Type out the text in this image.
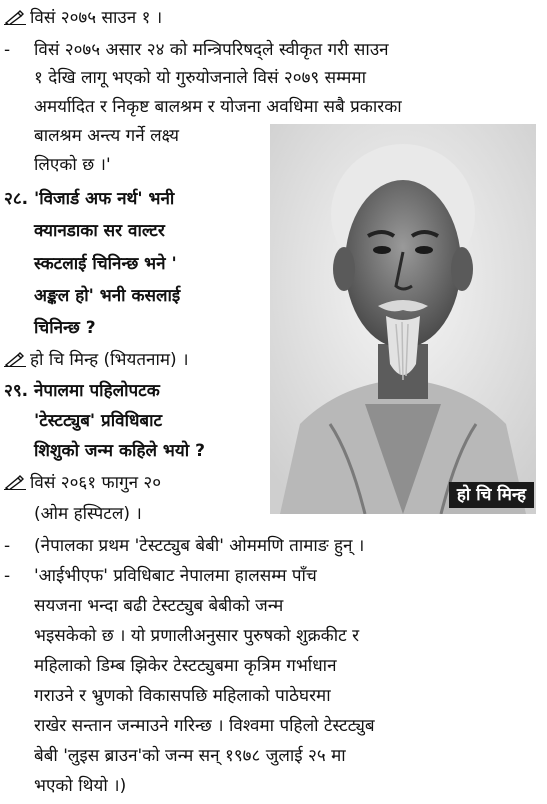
विसं २०७५ साउन १ ।
- विसं २०७५ असार २४ को मन्त्रिपरिषद्ले स्वीकृत गरी साउन
१ देखि लागू भएको यो गुरुयोजनाले विसं २०७९ सम्ममा
अमर्यादित र निकृष्ट बालश्रम र योजना अवधिमा सबै प्रकारका
बालश्रम अन्त्य गर्ने लक्ष्य
लिएको छ ।'
२८. 'विजार्ड अफ नर्थ' भनी
क्यानडाका सर वाल्टर
स्कटलाई चिनिन्छ भने '
अङ्कल हो' भनी कसलाई
चिनिन्छ ?
हो चि मिन्ह (भियतनाम) ।
२९. नेपालमा पहिलोपटक
'टेस्टट्युब' प्रविधिबाट
शिशुको जन्म कहिले भयो ?
विसं २०६१ फागुन २०
(ओम हस्पिटल) ।
- (नेपालका प्रथम 'टेस्टट्युब बेबी' ओममणि तामाङ हुन् ।
- 'आईभीएफ' प्रविधिबाट नेपालमा हालसम्म पाँच
सयजना भन्दा बढी टेस्टट्युब बेबीको जन्म
भइसकेको छ । यो प्रणालीअनुसार पुरुषको शुक्रकीट र
महिलाको डिम्ब झिकेर टेस्टट्युबमा कृत्रिम गर्भाधान
गराउने र भ्रुणको विकासपछि महिलाको पाठेघरमा
राखेर सन्तान जन्माउने गरिन्छ । विश्वमा पहिलो टेस्टट्युब
बेबी 'लुइस ब्राउन'को जन्म सन् १९७८ जुलाई २५ मा
भएको थियो ।)
हो चि मिन्ह
